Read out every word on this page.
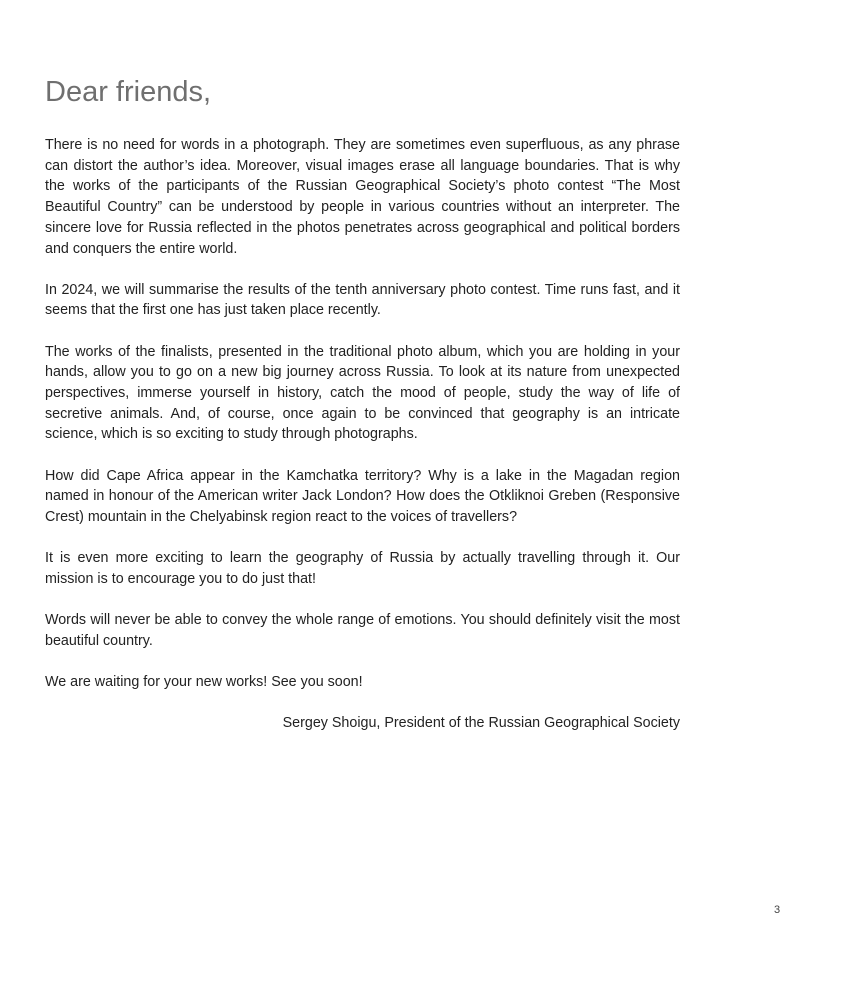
Dear friends,

There is no need for words in a photograph. They are sometimes even superfluous, as any phrase can distort the author’s idea. Moreover, visual images erase all language boundaries. That is why the works of the participants of the Russian Geographical Society’s photo contest “The Most Beautiful Country” can be understood by people in various countries without an interpreter. The sincere love for Russia reflected in the photos penetrates across geographical and political borders and conquers the entire world.

In 2024, we will summarise the results of the tenth anniversary photo contest. Time runs fast, and it seems that the first one has just taken place recently.

The works of the finalists, presented in the traditional photo album, which you are holding in your hands, allow you to go on a new big journey across Russia. To look at its nature from unexpected perspectives, immerse yourself in history, catch the mood of people, study the way of life of secretive animals. And, of course, once again to be convinced that geography is an intricate science, which is so exciting to study through photographs.

How did Cape Africa appear in the Kamchatka territory? Why is a lake in the Magadan region named in honour of the American writer Jack London? How does the Otkliknoi Greben (Responsive Crest) mountain in the Chelyabinsk region react to the voices of travellers?

It is even more exciting to learn the geography of Russia by actually travelling through it. Our mission is to encourage you to do just that!

Words will never be able to convey the whole range of emotions. You should definitely visit the most beautiful country.

We are waiting for your new works! See you soon!

Sergey Shoigu, President of the Russian Geographical Society

3
